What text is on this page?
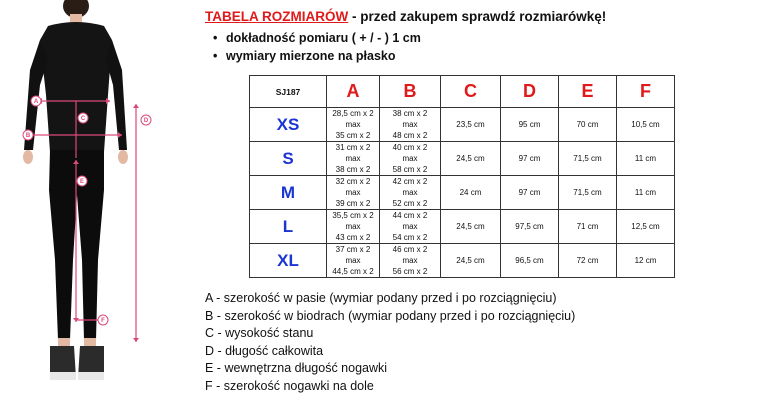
A
B
C	D
E
F
TABELA ROZMIARÓW - przed zakupem sprawdź rozmiarówkę!
• dokładność pomiaru ( + / - ) 1 cm
• wymiary mierzone na płasko
SJ187	A	B	C	D	E	F
XS	28,5 cm x 2
max
35 cm x 2	38 cm x 2
max
48 cm x 2	23,5 cm	95 cm	70 cm	10,5 cm
S	31 cm x 2
max
38 cm x 2	40 cm x 2
max
58 cm x 2	24,5 cm	97 cm	71,5 cm	11 cm
M	32 cm x 2
max
39 cm x 2	42 cm x 2
max
52 cm x 2	24 cm	97 cm	71,5 cm	11 cm
L	35,5 cm x 2
max
43 cm x 2	44 cm x 2
max
54 cm x 2	24,5 cm	97,5 cm	71 cm	12,5 cm
XL	37 cm x 2
max
44,5 cm x 2	46 cm x 2
max
56 cm x 2	24,5 cm	96,5 cm	72 cm	12 cm
A - szerokość w pasie (wymiar podany przed i po rozciągnięciu)
B - szerokość w biodrach (wymiar podany przed i po rozciągnięciu)
C - wysokość stanu
D - długość całkowita
E - wewnętrzna długość nogawki
F - szerokość nogawki na dole
